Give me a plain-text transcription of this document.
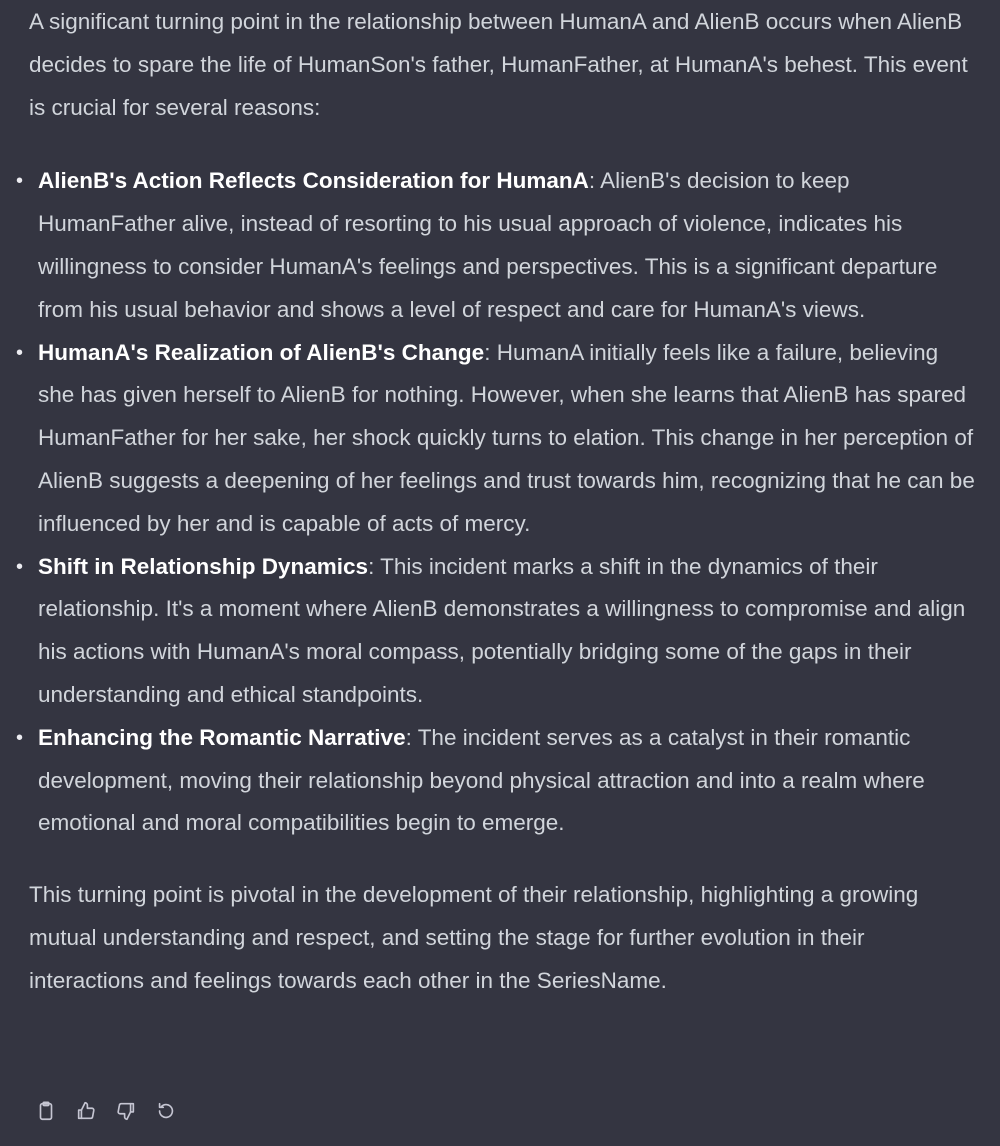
A significant turning point in the relationship between HumanA and AlienB occurs when AlienB decides to spare the life of HumanSon's father, HumanFather, at HumanA's behest. This event is crucial for several reasons:

• AlienB's Action Reflects Consideration for HumanA: AlienB's decision to keep HumanFather alive, instead of resorting to his usual approach of violence, indicates his willingness to consider HumanA's feelings and perspectives. This is a significant departure from his usual behavior and shows a level of respect and care for HumanA's views.
• HumanA's Realization of AlienB's Change: HumanA initially feels like a failure, believing she has given herself to AlienB for nothing. However, when she learns that AlienB has spared HumanFather for her sake, her shock quickly turns to elation. This change in her perception of AlienB suggests a deepening of her feelings and trust towards him, recognizing that he can be influenced by her and is capable of acts of mercy.
• Shift in Relationship Dynamics: This incident marks a shift in the dynamics of their relationship. It's a moment where AlienB demonstrates a willingness to compromise and align his actions with HumanA's moral compass, potentially bridging some of the gaps in their understanding and ethical standpoints.
• Enhancing the Romantic Narrative: The incident serves as a catalyst in their romantic development, moving their relationship beyond physical attraction and into a realm where emotional and moral compatibilities begin to emerge.

This turning point is pivotal in the development of their relationship, highlighting a growing mutual understanding and respect, and setting the stage for further evolution in their interactions and feelings towards each other in the SeriesName.
